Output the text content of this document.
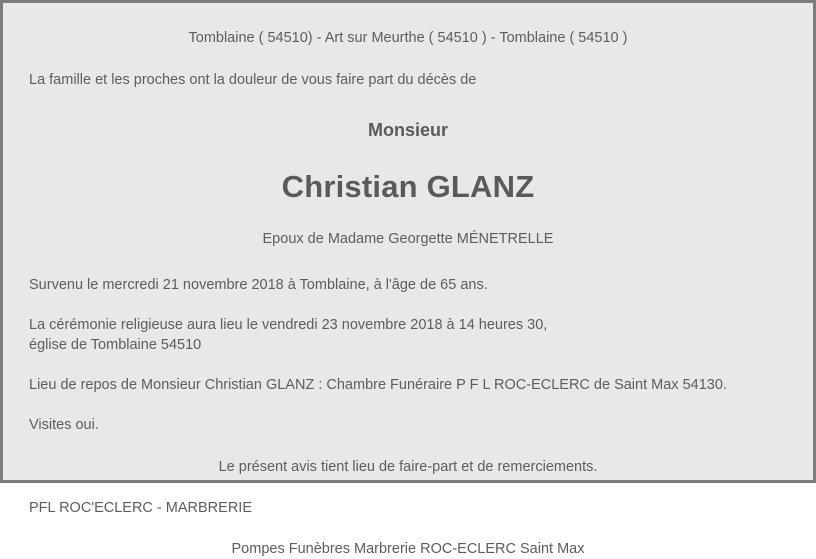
Tomblaine ( 54510) - Art sur Meurthe ( 54510 ) - Tomblaine ( 54510 )

La famille et les proches ont la douleur de vous faire part du décès de

Monsieur

Christian GLANZ

Epoux de Madame Georgette MÉNETRELLE

Survenu le mercredi 21 novembre 2018 à Tomblaine, à l'âge de 65 ans.

La cérémonie religieuse aura lieu le vendredi 23 novembre 2018 à 14 heures 30,
église de Tomblaine 54510

Lieu de repos de Monsieur Christian GLANZ : Chambre Funéraire P F L ROC-ECLERC de Saint Max 54130.

Visites oui.

Le présent avis tient lieu de faire-part et de remerciements.

PFL ROC'ECLERC - MARBRERIE

Pompes Funèbres Marbrerie ROC-ECLERC Saint Max
